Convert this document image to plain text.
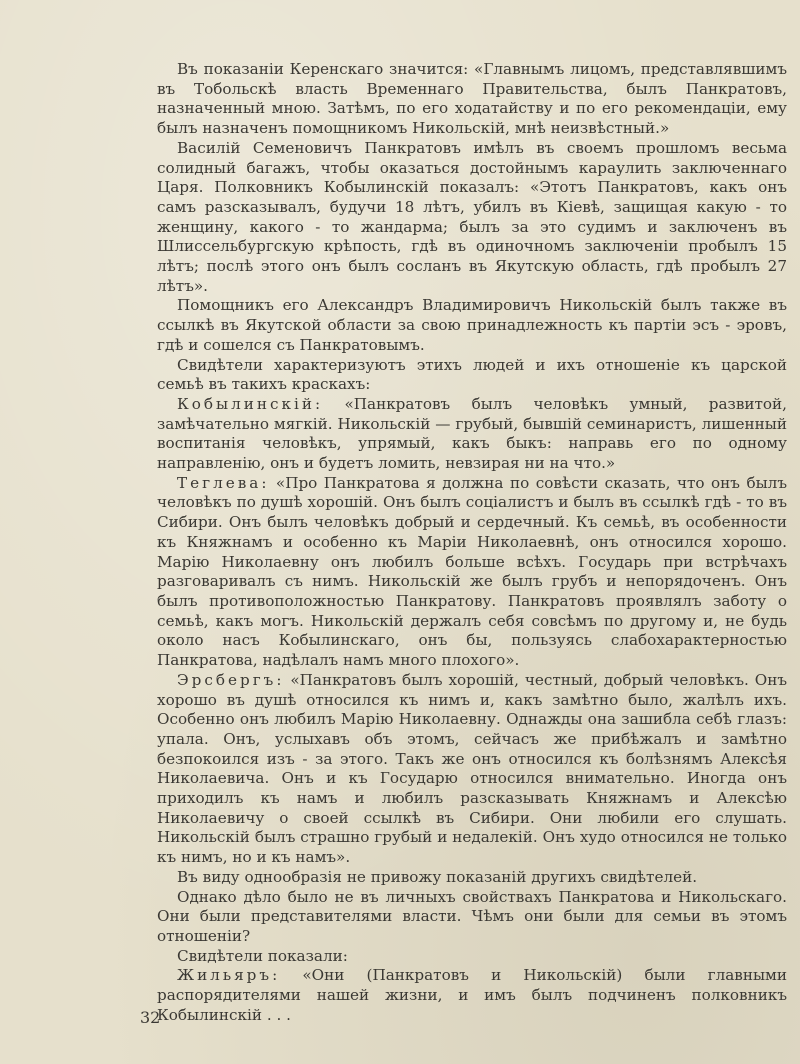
Въ показанiи Керенскаго значится: «Главнымъ лицомъ, представлявшимъ въ Тобольскѣ власть Временнаго Правительства, былъ Панкратовъ, назначенный мною. Затѣмъ, по его ходатайству и по его рекомендацiи, ему былъ назначенъ помощникомъ Никольскiй, мнѣ неизвѣстный.»

Василiй Семеновичъ Панкратовъ имѣлъ въ своемъ прошломъ весьма солидный багажъ, чтобы оказаться достойнымъ караулить заключеннаго Царя. Полковникъ Кобылинскiй показалъ: «Этотъ Панкратовъ, какъ онъ самъ разсказывалъ, будучи 18 лѣтъ, убилъ въ Кiевѣ, защищая какую - то женщину, какого - то жандарма; былъ за это судимъ и заключенъ въ Шлиссельбургскую крѣпость, гдѣ въ одиночномъ заключенiи пробылъ 15 лѣтъ; послѣ этого онъ былъ сосланъ въ Якутскую область, гдѣ пробылъ 27 лѣтъ».

Помощникъ его Александръ Владимировичъ Никольскiй былъ также въ ссылкѣ въ Якутской области за свою принадлежность къ партiи эсъ - эровъ, гдѣ и сошелся съ Панкратовымъ.

Свидѣтели характеризуютъ этихъ людей и ихъ отношенiе къ царской семьѣ въ такихъ краскахъ:

Кобылинскiй: «Панкратовъ былъ человѣкъ умный, развитой, замѣчательно мягкiй. Никольскiй — грубый, бывшiй семинаристъ, лишенный воспитанiя человѣкъ, упрямый, какъ быкъ: направь его по одному направленiю, онъ и будетъ ломить, невзирая ни на что.»

Теглева: «Про Панкратова я должна по совѣсти сказать, что онъ былъ человѣкъ по душѣ хорошiй. Онъ былъ соцiалистъ и былъ въ ссылкѣ гдѣ - то въ Сибири. Онъ былъ человѣкъ добрый и сердечный. Къ семьѣ, въ особенности къ Княжнамъ и особенно къ Марiи Николаевнѣ, онъ относился хорошо. Марiю Николаевну онъ любилъ больше всѣхъ. Государь при встрѣчахъ разговаривалъ съ нимъ. Никольскiй же былъ грубъ и непорядоченъ. Онъ былъ противоположностью Панкратову. Панкратовъ проявлялъ заботу о семьѣ, какъ могъ. Никольскiй держалъ себя совсѣмъ по другому и, не будь около насъ Кобылинскаго, онъ бы, пользуясь слабохарактерностью Панкратова, надѣлалъ намъ много плохого».

Эрсбергъ: «Панкратовъ былъ хорошiй, честный, добрый человѣкъ. Онъ хорошо въ душѣ относился къ нимъ и, какъ замѣтно было, жалѣлъ ихъ. Особенно онъ любилъ Марiю Николаевну. Однажды она зашибла себѣ глазъ: упала. Онъ, услыхавъ объ этомъ, сейчасъ же прибѣжалъ и замѣтно безпокоился изъ - за этого. Такъ же онъ относился къ болѣзнямъ Алексѣя Николаевича. Онъ и къ Государю относился внимательно. Иногда онъ приходилъ къ намъ и любилъ разсказывать Княжнамъ и Алексѣю Николаевичу о своей ссылкѣ въ Сибири. Они любили его слушать. Никольскiй былъ страшно грубый и недалекiй. Онъ худо относился не только къ нимъ, но и къ намъ».

Въ виду однообразiя не привожу показанiй другихъ свидѣтелей.

Однако дѣло было не въ личныхъ свойствахъ Панкратова и Никольскаго. Они были представителями власти. Чѣмъ они были для семьи въ этомъ отношенiи?

Свидѣтели показали:

Жильяръ: «Они (Панкратовъ и Никольскiй) были главными распорядителями нашей жизни, и имъ былъ подчиненъ полковникъ Кобылинскiй . . .

32
